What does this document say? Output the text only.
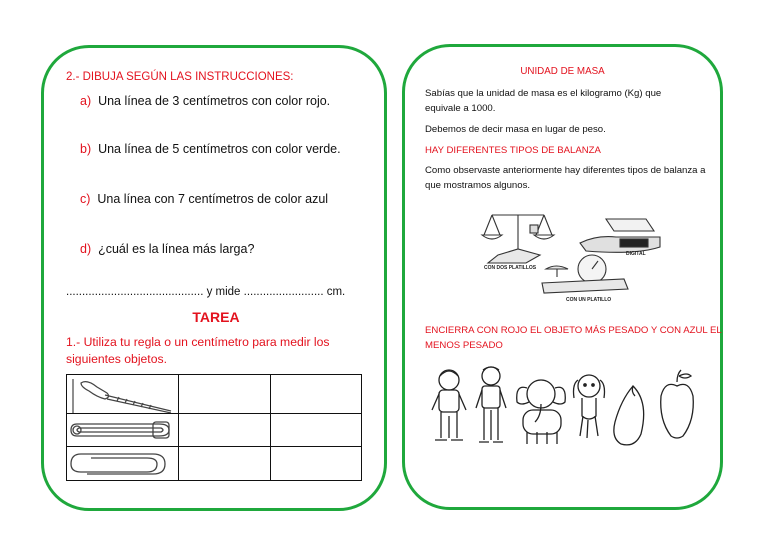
2.- DIBUJA SEGÚN LAS INSTRUCCIONES:
a) Una línea de 3 centímetros con color rojo.
b) Una línea de 5 centímetros con color verde.
c) Una línea con 7 centímetros de color azul
d) ¿cuál es la línea más larga?
........................................... y mide ......................... cm.
TAREA
1.- Utiliza tu regla o un centímetro para medir los
siguientes objetos.

UNIDAD DE MASA
Sabías que la unidad de masa es el kilogramo (Kg) que
equivale a 1000.
Debemos de decir masa en lugar de peso.
HAY DIFERENTES TIPOS DE BALANZA
Como observaste anteriormente hay diferentes tipos de balanza a
que mostramos algunos.
CON DOS PLATILLOS
DIGITAL
CON UN PLATILLO
ENCIERRA CON ROJO EL OBJETO MÁS PESADO Y CON AZUL EL
MENOS PESADO
